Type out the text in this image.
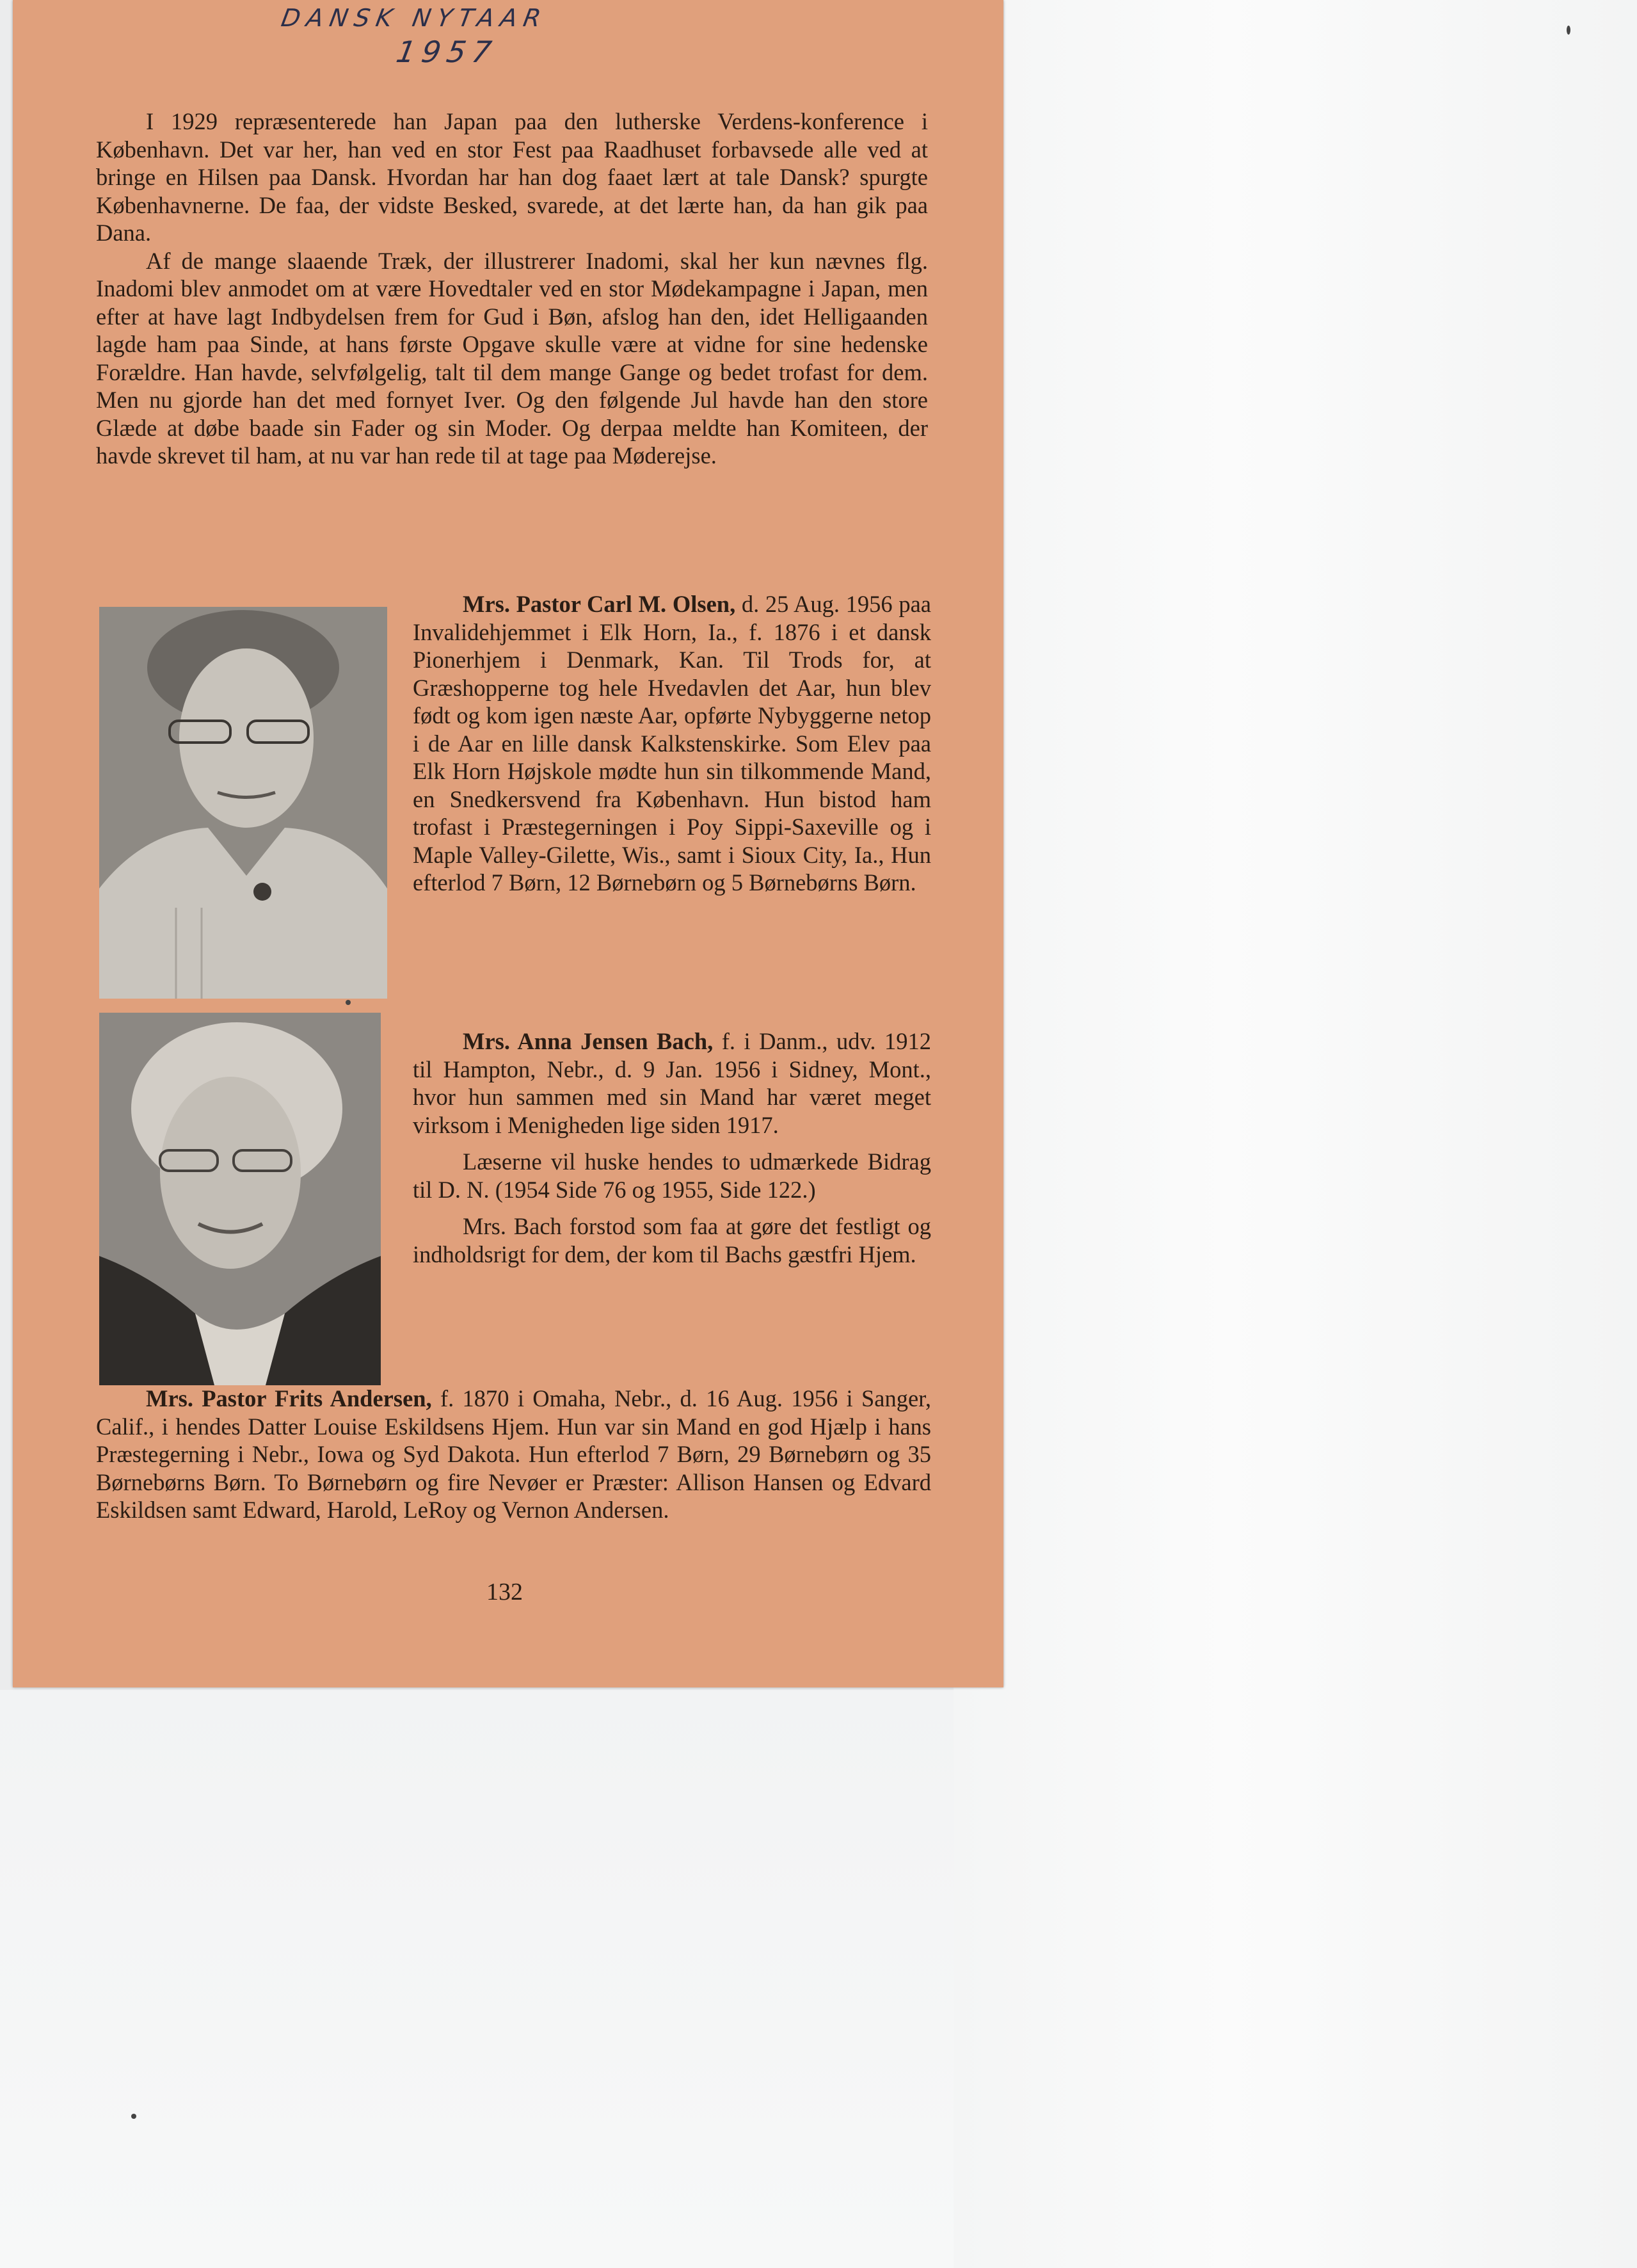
DANSK NYTAAR
1957

I 1929 repræsenterede han Japan paa den lutherske Verdens-konference i København. Det var her, han ved en stor Fest paa Raadhuset forbavsede alle ved at bringe en Hilsen paa Dansk. Hvordan har han dog faaet lært at tale Dansk? spurgte Københavnerne. De faa, der vidste Besked, svarede, at det lærte han, da han gik paa Dana.

Af de mange slaaende Træk, der illustrerer Inadomi, skal her kun nævnes flg. Inadomi blev anmodet om at være Hovedtaler ved en stor Mødekampagne i Japan, men efter at have lagt Indbydelsen frem for Gud i Bøn, afslog han den, idet Helligaanden lagde ham paa Sinde, at hans første Opgave skulle være at vidne for sine hedenske Forældre. Han havde, selvfølgelig, talt til dem mange Gange og bedet trofast for dem. Men nu gjorde han det med fornyet Iver. Og den følgende Jul havde han den store Glæde at døbe baade sin Fader og sin Moder. Og derpaa meldte han Komiteen, der havde skrevet til ham, at nu var han rede til at tage paa Møderejse.

Mrs. Pastor Carl M. Olsen, d. 25 Aug. 1956 paa Invalidehjemmet i Elk Horn, Ia., f. 1876 i et dansk Pionerhjem i Denmark, Kan. Til Trods for, at Græshopperne tog hele Hvedavlen det Aar, hun blev født og kom igen næste Aar, opførte Nybyggerne netop i de Aar en lille dansk Kalkstenskirke. Som Elev paa Elk Horn Højskole mødte hun sin tilkommende Mand, en Snedkersvend fra København. Hun bistod ham trofast i Præstegerningen i Poy Sippi-Saxeville og i Maple Valley-Gilette, Wis., samt i Sioux City, Ia., Hun efterlod 7 Børn, 12 Børnebørn og 5 Børnebørns Børn.

Mrs. Anna Jensen Bach, f. i Danm., udv. 1912 til Hampton, Nebr., d. 9 Jan. 1956 i Sidney, Mont., hvor hun sammen med sin Mand har været meget virksom i Menigheden lige siden 1917.

Læserne vil huske hendes to udmærkede Bidrag til D. N. (1954 Side 76 og 1955, Side 122.)

Mrs. Bach forstod som faa at gøre det festligt og indholdsrigt for dem, der kom til Bachs gæstfri Hjem.

Mrs. Pastor Frits Andersen, f. 1870 i Omaha, Nebr., d. 16 Aug. 1956 i Sanger, Calif., i hendes Datter Louise Eskildsens Hjem. Hun var sin Mand en god Hjælp i hans Præstegerning i Nebr., Iowa og Syd Dakota. Hun efterlod 7 Børn, 29 Børnebørn og 35 Børnebørns Børn. To Børnebørn og fire Nevøer er Præster: Allison Hansen og Edvard Eskildsen samt Edward, Harold, LeRoy og Vernon Andersen.

132
